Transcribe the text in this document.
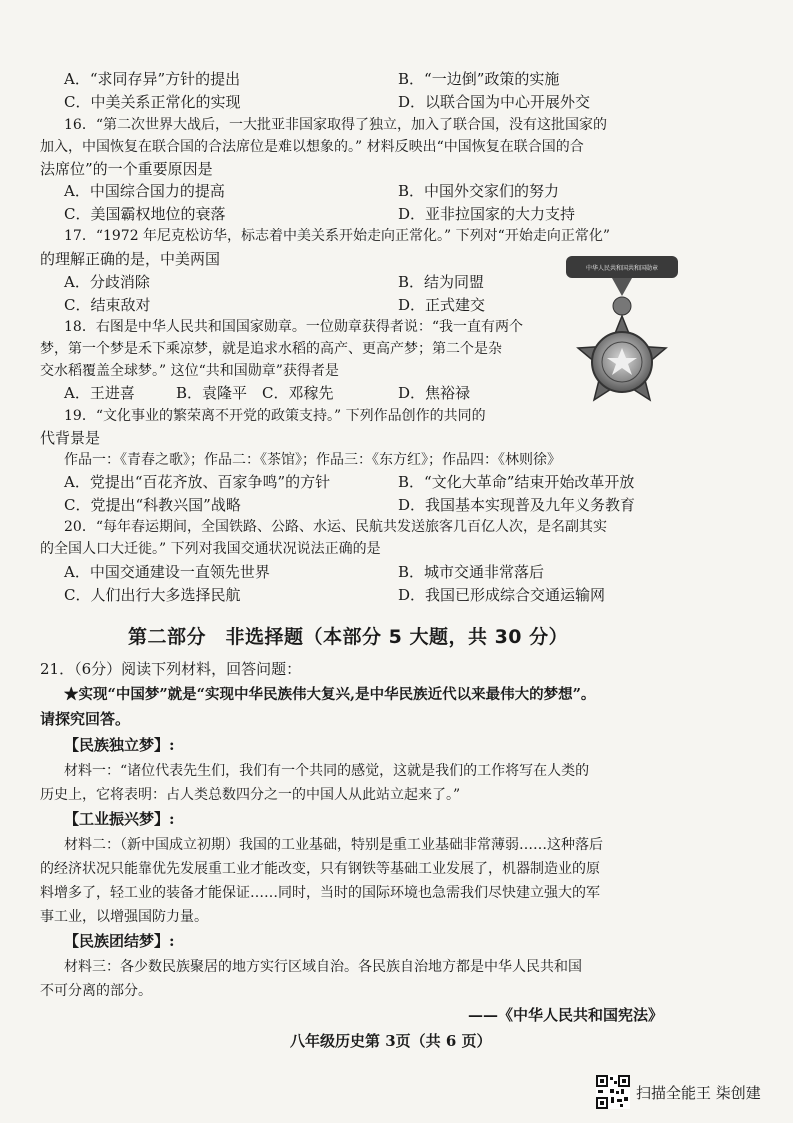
A．“求同存异”方针的提出	B．“一边倒”政策的实施
C．中美关系正常化的实现	D．以联合国为中心开展外交
16．“第二次世界大战后，一大批亚非国家取得了独立，加入了联合国，没有这批国家的
加入，中国恢复在联合国的合法席位是难以想象的。” 材料反映出“中国恢复在联合国的合
法席位”的一个重要原因是
A．中国综合国力的提高	B．中国外交家们的努力
C．美国霸权地位的衰落	D．亚非拉国家的大力支持
17．“1972 年尼克松访华，标志着中美关系开始走向正常化。” 下列对“开始走向正常化”
的理解正确的是，中美两国
A．分歧消除	B．结为同盟
C．结束敌对	D．正式建交
18．右图是中华人民共和国国家勋章。一位勋章获得者说：“我一直有两个
梦，第一个梦是禾下乘凉梦，就是追求水稻的高产、更高产梦；第二个是杂
交水稻覆盖全球梦。” 这位“共和国勋章”获得者是
A．王进喜	B．袁隆平 C．邓稼先	D．焦裕禄
中华人民共和国共和国勋章
19．“文化事业的繁荣离不开党的政策支持。” 下列作品创作的共同的
代背景是
作品一：《青春之歌》；作品二：《茶馆》；作品三：《东方红》；作品四：《林则徐》
A．党提出“百花齐放、百家争鸣”的方针	B．“文化大革命”结束开始改革开放
C．党提出“科教兴国”战略	D．我国基本实现普及九年义务教育
20．“每年春运期间，全国铁路、公路、水运、民航共发送旅客几百亿人次，是名副其实
的全国人口大迁徙。” 下列对我国交通状况说法正确的是
A．中国交通建设一直领先世界	B．城市交通非常落后
C．人们出行大多选择民航	D．我国已形成综合交通运输网
第二部分　非选择题（本部分 5 大题，共 30 分）
21．（6分）阅读下列材料，回答问题：
★实现“中国梦”就是“实现中华民族伟大复兴,是中华民族近代以来最伟大的梦想”。
请探究回答。
【民族独立梦】:
材料一：“诸位代表先生们，我们有一个共同的感觉，这就是我们的工作将写在人类的
历史上，它将表明：占人类总数四分之一的中国人从此站立起来了。”
【工业振兴梦】:
材料二：（新中国成立初期）我国的工业基础，特别是重工业基础非常薄弱……这种落后
的经济状况只能靠优先发展重工业才能改变，只有钢铁等基础工业发展了，机器制造业的原
料增多了，轻工业的装备才能保证……同时，当时的国际环境也急需我们尽快建立强大的军
事工业，以增强国防力量。
【民族团结梦】:
材料三：各少数民族聚居的地方实行区域自治。各民族自治地方都是中华人民共和国
不可分离的部分。
——《中华人民共和国宪法》
八年级历史第 3页（共 6 页）
扫描全能王 柒创建
